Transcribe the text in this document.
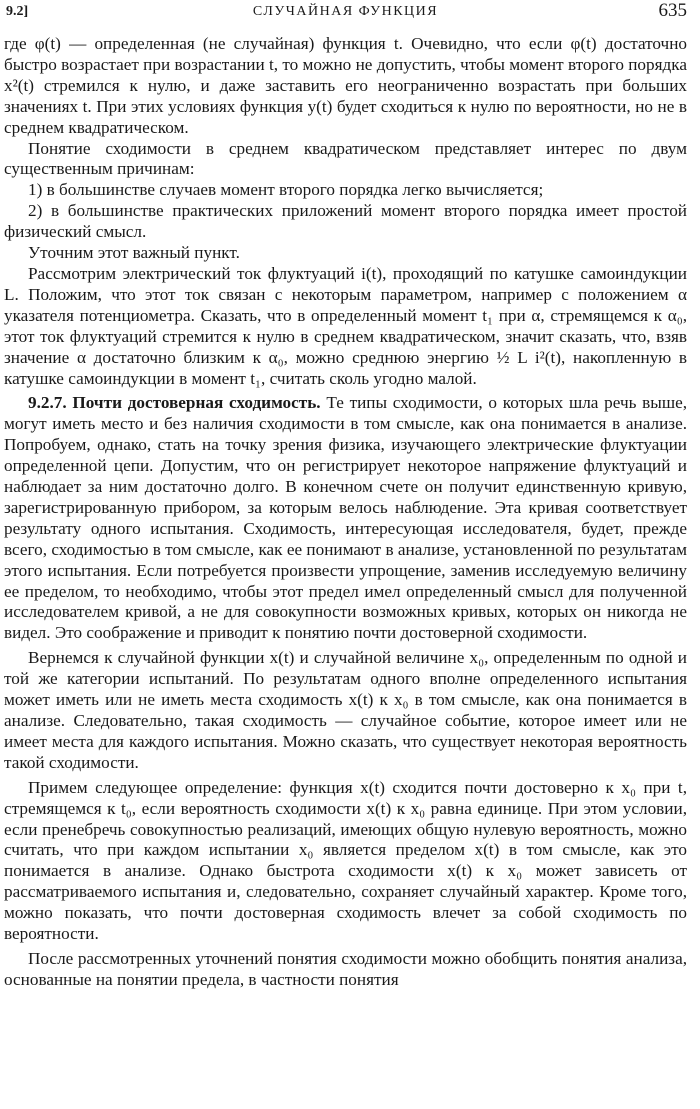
9.2]	СЛУЧАЙНАЯ ФУНКЦИЯ	635

где φ(t) — определенная (не случайная) функция t. Очевидно, что если φ(t) достаточно быстро возрастает при возрастании t, то можно не допустить, чтобы момент второго порядка x²(t) стремился к нулю, и даже заставить его неограниченно возрастать при больших значениях t. При этих условиях функция y(t) будет сходиться к нулю по вероятности, но не в среднем квадратическом.

Понятие сходимости в среднем квадратическом представляет интерес по двум существенным причинам:

1) в большинстве случаев момент второго порядка легко вычисляется;

2) в большинстве практических приложений момент второго порядка имеет простой физический смысл.

Уточним этот важный пункт.

Рассмотрим электрический ток флуктуаций i(t), проходящий по катушке самоиндукции L. Положим, что этот ток связан с некоторым параметром, например с положением α указателя потенциометра. Сказать, что в определенный момент t₁ при α, стремящемся к α₀, этот ток флуктуаций стремится к нулю в среднем квадратическом, значит сказать, что, взяв значение α достаточно близким к α₀, можно среднюю энергию ½ L i²(t), накопленную в катушке самоиндукции в момент t₁, считать сколь угодно малой.

9.2.7. Почти достоверная сходимость. Те типы сходимости, о которых шла речь выше, могут иметь место и без наличия сходимости в том смысле, как она понимается в анализе. Попробуем, однако, стать на точку зрения физика, изучающего электрические флуктуации определенной цепи. Допустим, что он регистрирует некоторое напряжение флуктуаций и наблюдает за ним достаточно долго. В конечном счете он получит единственную кривую, зарегистрированную прибором, за которым велось наблюдение. Эта кривая соответствует результату одного испытания. Сходимость, интересующая исследователя, будет, прежде всего, сходимостью в том смысле, как ее понимают в анализе, установленной по результатам этого испытания. Если потребуется произвести упрощение, заменив исследуемую величину ее пределом, то необходимо, чтобы этот предел имел определенный смысл для полученной исследователем кривой, а не для совокупности возможных кривых, которых он никогда не видел. Это соображение и приводит к понятию почти достоверной сходимости.

Вернемся к случайной функции x(t) и случайной величине x₀, определенным по одной и той же категории испытаний. По результатам одного вполне определенного испытания может иметь или не иметь места сходимость x(t) к x₀ в том смысле, как она понимается в анализе. Следовательно, такая сходимость — случайное событие, которое имеет или не имеет места для каждого испытания. Можно сказать, что существует некоторая вероятность такой сходимости.

Примем следующее определение: функция x(t) сходится почти достоверно к x₀ при t, стремящемся к t₀, если вероятность сходимости x(t) к x₀ равна единице. При этом условии, если пренебречь совокупностью реализаций, имеющих общую нулевую вероятность, можно считать, что при каждом испытании x₀ является пределом x(t) в том смысле, как это понимается в анализе. Однако быстрота сходимости x(t) к x₀ может зависеть от рассматриваемого испытания и, следовательно, сохраняет случайный характер. Кроме того, можно показать, что почти достоверная сходимость влечет за собой сходимость по вероятности.

После рассмотренных уточнений понятия сходимости можно обобщить понятия анализа, основанные на понятии предела, в частности понятия
